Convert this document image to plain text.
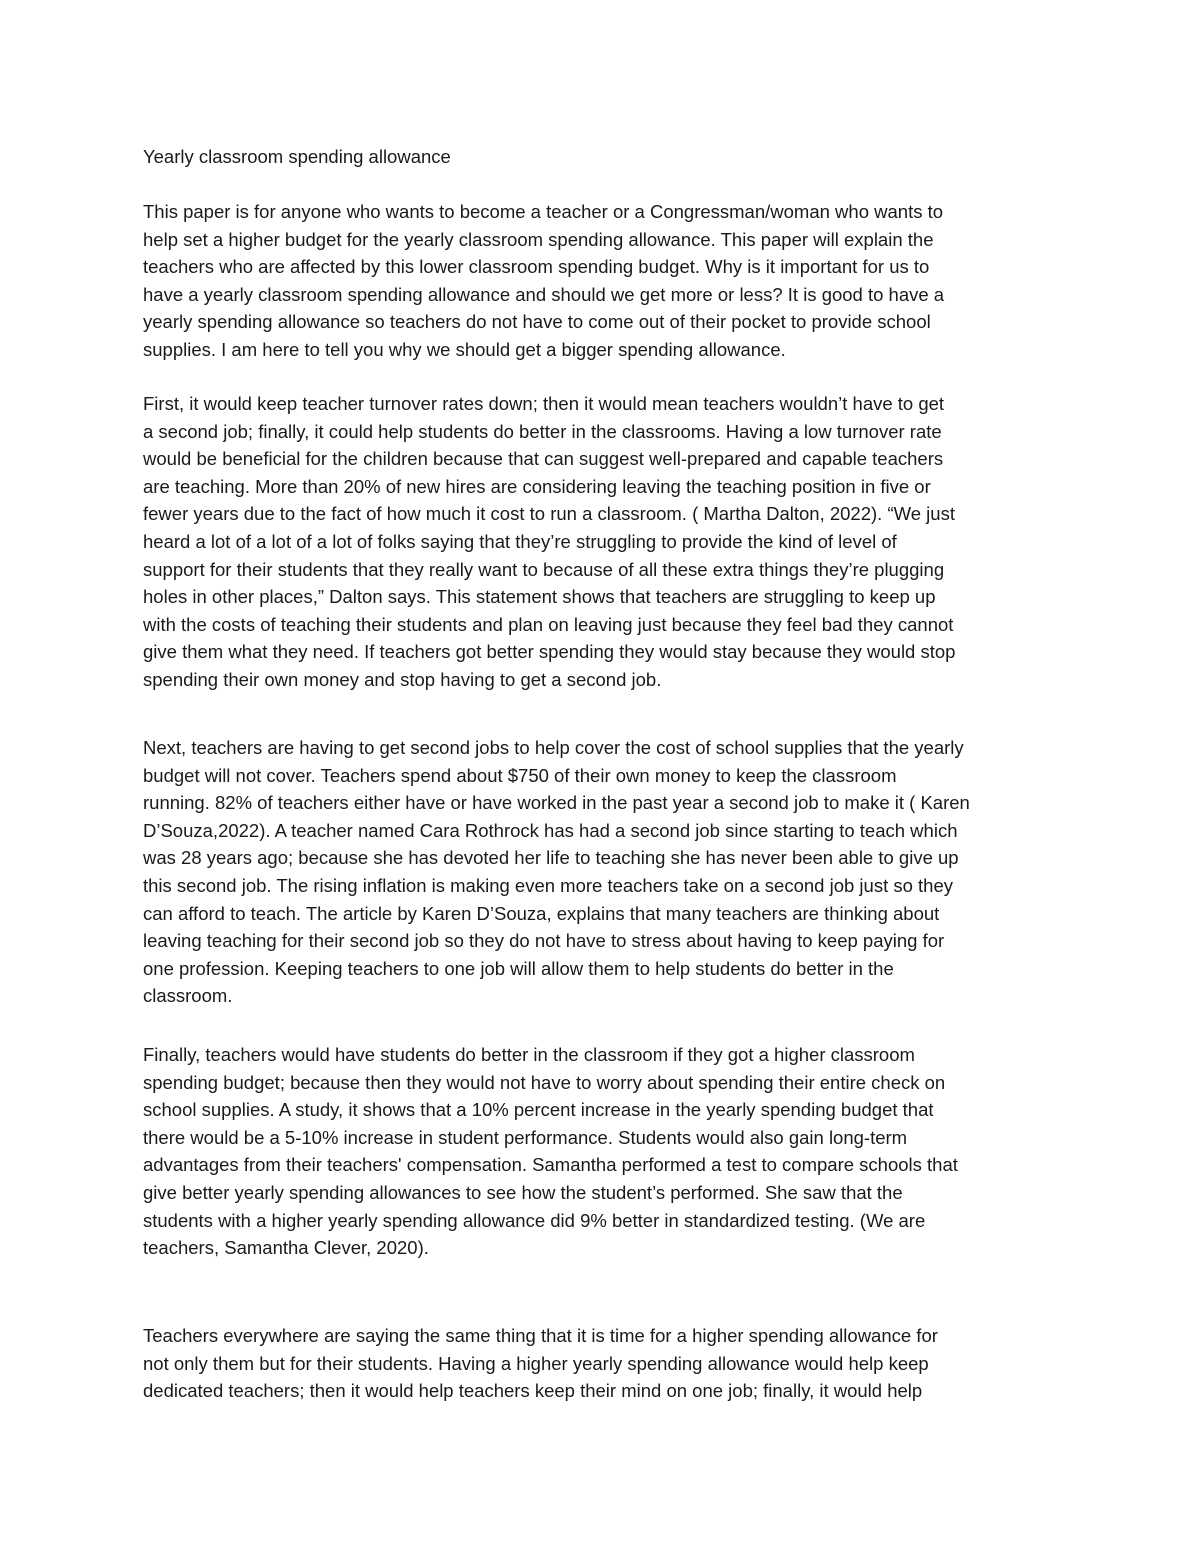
Yearly classroom spending allowance
This paper is for anyone who wants to become a teacher or a Congressman/woman who wants to
help set a higher budget for the yearly classroom spending allowance. This paper will explain the
teachers who are affected by this lower classroom spending budget. Why is it important for us to
have a yearly classroom spending allowance and should we get more or less? It is good to have a
yearly spending allowance so teachers do not have to come out of their pocket to provide school
supplies. I am here to tell you why we should get a bigger spending allowance.
First, it would keep teacher turnover rates down; then it would mean teachers wouldn’t have to get
a second job; finally, it could help students do better in the classrooms. Having a low turnover rate
would be beneficial for the children because that can suggest well-prepared and capable teachers
are teaching. More than 20% of new hires are considering leaving the teaching position in five or
fewer years due to the fact of how much it cost to run a classroom. ( Martha Dalton, 2022). “We just
heard a lot of a lot of a lot of folks saying that they’re struggling to provide the kind of level of
support for their students that they really want to because of all these extra things they’re plugging
holes in other places,” Dalton says. This statement shows that teachers are struggling to keep up
with the costs of teaching their students and plan on leaving just because they feel bad they cannot
give them what they need. If teachers got better spending they would stay because they would stop
spending their own money and stop having to get a second job.
Next, teachers are having to get second jobs to help cover the cost of school supplies that the yearly
budget will not cover. Teachers spend about $750 of their own money to keep the classroom
running. 82% of teachers either have or have worked in the past year a second job to make it ( Karen
D’Souza,2022). A teacher named Cara Rothrock has had a second job since starting to teach which
was 28 years ago; because she has devoted her life to teaching she has never been able to give up
this second job. The rising inflation is making even more teachers take on a second job just so they
can afford to teach. The article by Karen D’Souza, explains that many teachers are thinking about
leaving teaching for their second job so they do not have to stress about having to keep paying for
one profession. Keeping teachers to one job will allow them to help students do better in the
classroom.
Finally, teachers would have students do better in the classroom if they got a higher classroom
spending budget; because then they would not have to worry about spending their entire check on
school supplies. A study, it shows that a 10% percent increase in the yearly spending budget that
there would be a 5-10% increase in student performance. Students would also gain long-term
advantages from their teachers' compensation. Samantha performed a test to compare schools that
give better yearly spending allowances to see how the student’s performed. She saw that the
students with a higher yearly spending allowance did 9% better in standardized testing. (We are
teachers, Samantha Clever, 2020).
Teachers everywhere are saying the same thing that it is time for a higher spending allowance for
not only them but for their students. Having a higher yearly spending allowance would help keep
dedicated teachers; then it would help teachers keep their mind on one job; finally, it would help
